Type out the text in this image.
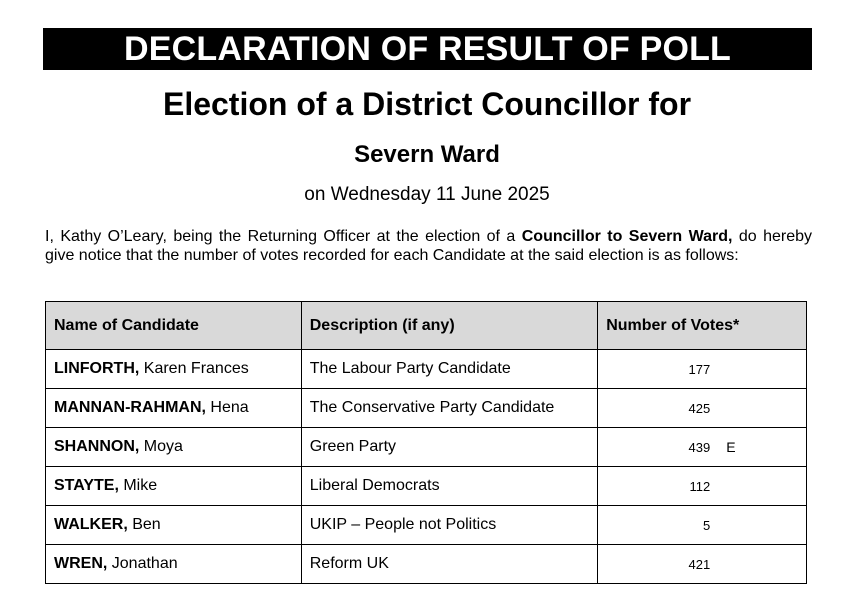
DECLARATION OF RESULT OF POLL
Election of a District Councillor for
Severn Ward
on Wednesday 11 June 2025
I, Kathy O’Leary, being the Returning Officer at the election of a Councillor to Severn Ward, do hereby give notice that the number of votes recorded for each Candidate at the said election is as follows:
Name of Candidate	Description (if any)	Number of Votes*
LINFORTH, Karen Frances	The Labour Party Candidate	177
MANNAN-RAHMAN, Hena	The Conservative Party Candidate	425
SHANNON, Moya	Green Party	439 E
STAYTE, Mike	Liberal Democrats	112
WALKER, Ben	UKIP – People not Politics	5
WREN, Jonathan	Reform UK	421
